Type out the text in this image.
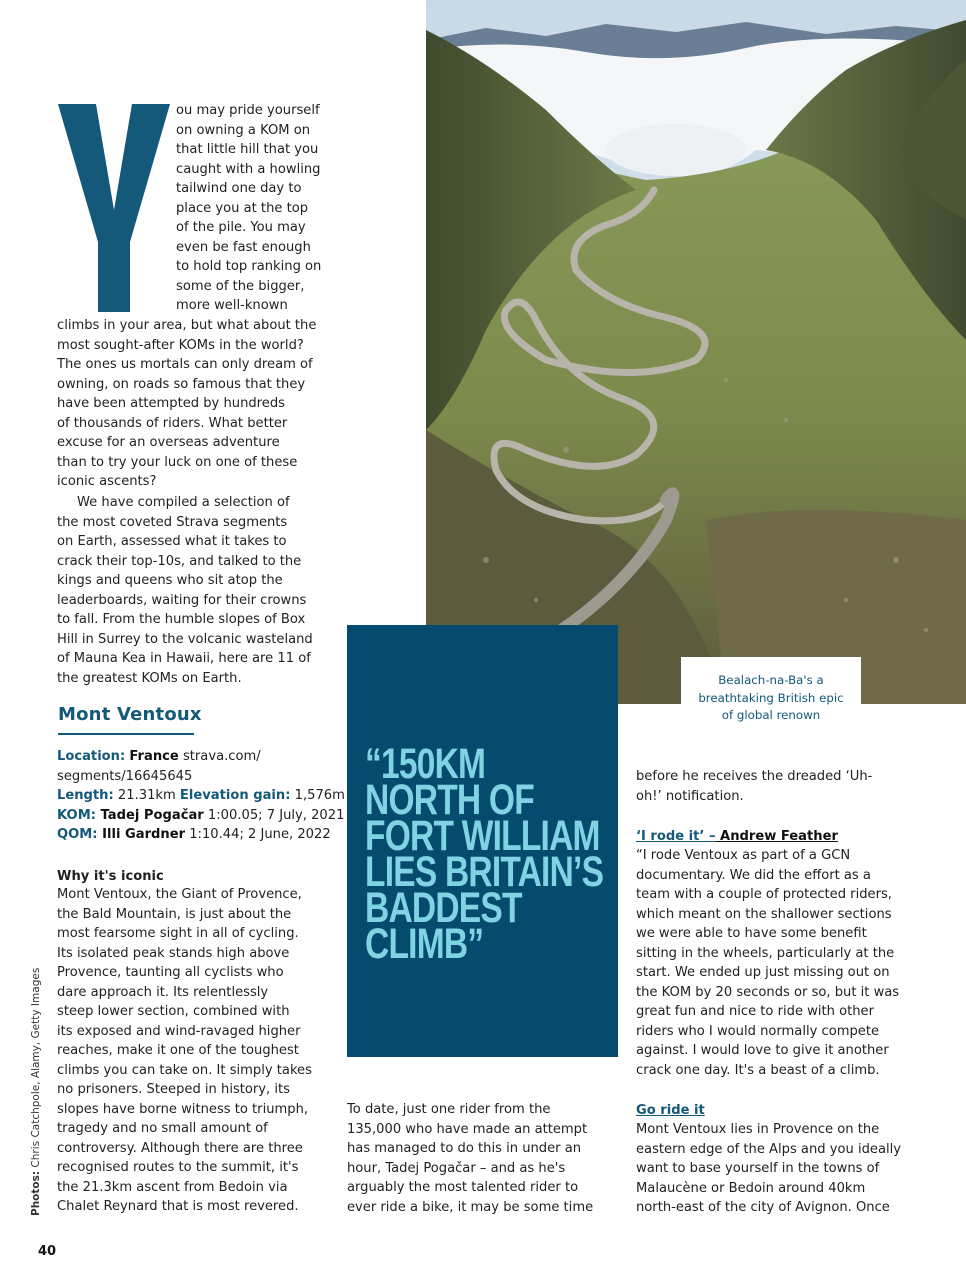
ou may pride yourself

on owning a KOM on

that little hill that you

caught with a howling

tailwind one day to

place you at the top

of the pile. You may

even be fast enough

to hold top ranking on

some of the bigger,

more well-known

climbs in your area, but what about the

most sought-after KOMs in the world?

The ones us mortals can only dream of

owning, on roads so famous that they

have been attempted by hundreds

of thousands of riders. What better

excuse for an overseas adventure

than to try your luck on one of these

iconic ascents?

We have compiled a selection of

the most coveted Strava segments

on Earth, assessed what it takes to

crack their top-10s, and talked to the

kings and queens who sit atop the

leaderboards, waiting for their crowns

to fall. From the humble slopes of Box

Hill in Surrey to the volcanic wasteland

of Mauna Kea in Hawaii, here are 11 of

the greatest KOMs on Earth.

Mont Ventoux

Location: France strava.com/

segments/16645645

Length: 21.31km Elevation gain: 1,576m

KOM: Tadej Pogačar 1:00.05; 7 July, 2021

QOM: Illi Gardner 1:10.44; 2 June, 2022

Why it's iconic

Mont Ventoux, the Giant of Provence,

the Bald Mountain, is just about the

most fearsome sight in all of cycling.

Its isolated peak stands high above

Provence, taunting all cyclists who

dare approach it. Its relentlessly

steep lower section, combined with

its exposed and wind-ravaged higher

reaches, make it one of the toughest

climbs you can take on. It simply takes

no prisoners. Steeped in history, its

slopes have borne witness to triumph,

tragedy and no small amount of

controversy. Although there are three

recognised routes to the summit, it's

the 21.3km ascent from Bedoin via

Chalet Reynard that is most revered.

Photos: Chris Catchpole, Alamy, Getty Images
40
Bealach-na-Ba's a
breathtaking British epic
of global renown
“150KM
NORTH OF
FORT WILLIAM
LIES BRITAIN’S
BADDEST
CLIMB”

To date, just one rider from the

135,000 who have made an attempt

has managed to do this in under an

hour, Tadej Pogačar – and as he's

arguably the most talented rider to

ever ride a bike, it may be some time

before he receives the dreaded ‘Uh-

oh!’ notification.

‘I rode it’ – Andrew Feather

“I rode Ventoux as part of a GCN

documentary. We did the effort as a

team with a couple of protected riders,

which meant on the shallower sections

we were able to have some benefit

sitting in the wheels, particularly at the

start. We ended up just missing out on

the KOM by 20 seconds or so, but it was

great fun and nice to ride with other

riders who I would normally compete

against. I would love to give it another

crack one day. It's a beast of a climb.

Go ride it

Mont Ventoux lies in Provence on the

eastern edge of the Alps and you ideally

want to base yourself in the towns of

Malaucène or Bedoin around 40km

north-east of the city of Avignon. Once
